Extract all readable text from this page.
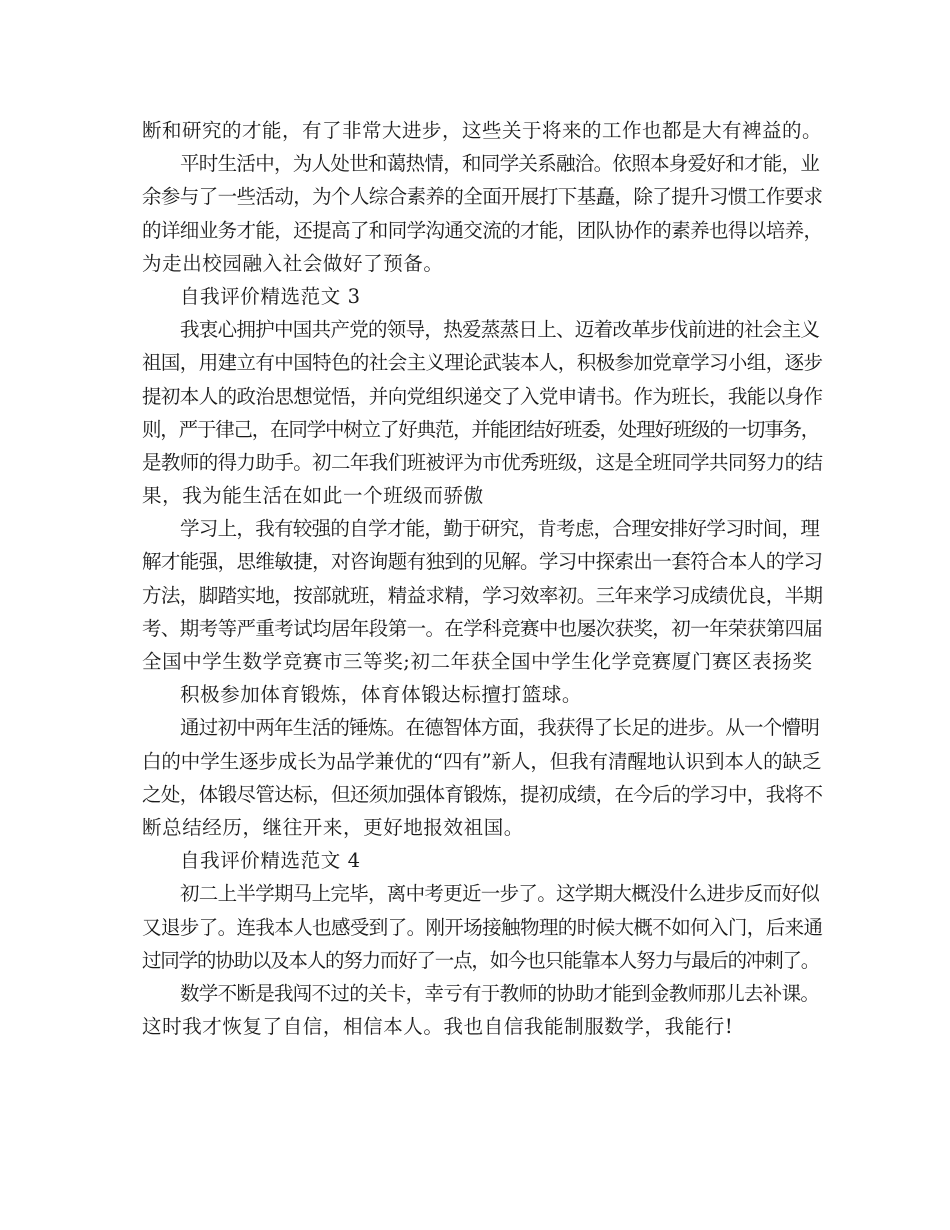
断和研究的才能，有了非常大进步，这些关于将来的工作也都是大有裨益的。
平时生活中，为人处世和蔼热情，和同学关系融洽。依照本身爱好和才能，业
余参与了一些活动，为个人综合素养的全面开展打下基矗，除了提升习惯工作要求
的详细业务才能，还提高了和同学沟通交流的才能，团队协作的素养也得以培养，
为走出校园融入社会做好了预备。
自我评价精选范文 3
我衷心拥护中国共产党的领导，热爱蒸蒸日上、迈着改革步伐前进的社会主义
祖国，用建立有中国特色的社会主义理论武装本人，积极参加党章学习小组，逐步
提初本人的政治思想觉悟，并向党组织递交了入党申请书。作为班长，我能以身作
则，严于律己，在同学中树立了好典范，并能团结好班委，处理好班级的一切事务，
是教师的得力助手。初二年我们班被评为市优秀班级，这是全班同学共同努力的结
果，我为能生活在如此一个班级而骄傲
学习上，我有较强的自学才能，勤于研究，肯考虑，合理安排好学习时间，理
解才能强，思维敏捷，对咨询题有独到的见解。学习中探索出一套符合本人的学习
方法，脚踏实地，按部就班，精益求精，学习效率初。三年来学习成绩优良，半期
考、期考等严重考试均居年段第一。在学科竞赛中也屡次获奖，初一年荣获第四届
全国中学生数学竞赛市三等奖;初二年获全国中学生化学竞赛厦门赛区表扬奖
积极参加体育锻炼，体育体锻达标擅打篮球。
通过初中两年生活的锤炼。在德智体方面，我获得了长足的进步。从一个懵明
白的中学生逐步成长为品学兼优的“四有”新人，但我有清醒地认识到本人的缺乏
之处，体锻尽管达标，但还须加强体育锻炼，提初成绩，在今后的学习中，我将不
断总结经历，继往开来，更好地报效祖国。
自我评价精选范文 4
初二上半学期马上完毕，离中考更近一步了。这学期大概没什么进步反而好似
又退步了。连我本人也感受到了。刚开场接触物理的时候大概不如何入门，后来通
过同学的协助以及本人的努力而好了一点，如今也只能靠本人努力与最后的冲刺了。
数学不断是我闯不过的关卡，幸亏有于教师的协助才能到金教师那儿去补课。
这时我才恢复了自信，相信本人。我也自信我能制服数学，我能行!
